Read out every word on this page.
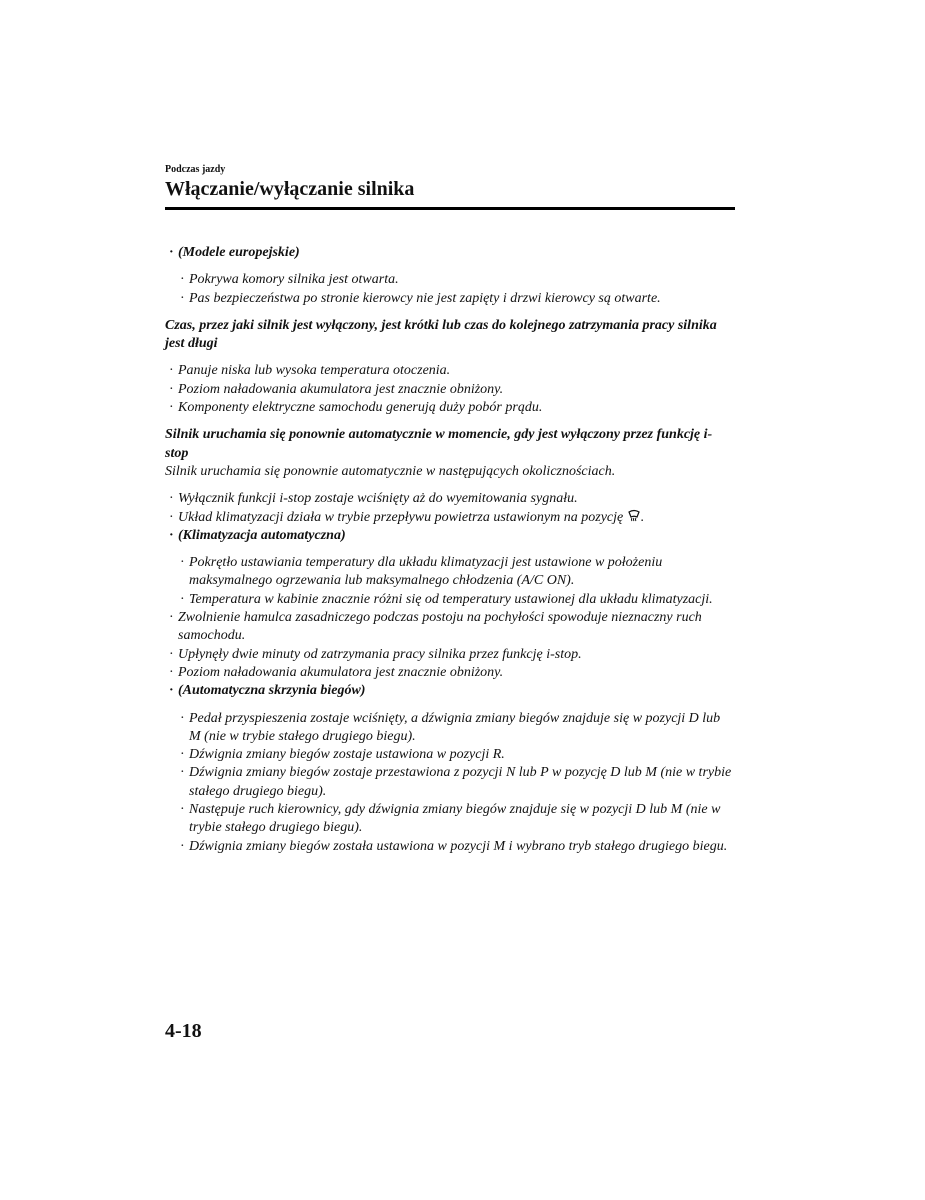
Podczas jazdy
Włączanie/wyłączanie silnika
· (Modele europejskie)
· Pokrywa komory silnika jest otwarta.
· Pas bezpieczeństwa po stronie kierowcy nie jest zapięty i drzwi kierowcy są otwarte.
Czas, przez jaki silnik jest wyłączony, jest krótki lub czas do kolejnego zatrzymania pracy silnika jest długi
· Panuje niska lub wysoka temperatura otoczenia.
· Poziom naładowania akumulatora jest znacznie obniżony.
· Komponenty elektryczne samochodu generują duży pobór prądu.
Silnik uruchamia się ponownie automatycznie w momencie, gdy jest wyłączony przez funkcję i-stop
Silnik uruchamia się ponownie automatycznie w następujących okolicznościach.
· Wyłącznik funkcji i-stop zostaje wciśnięty aż do wyemitowania sygnału.
· Układ klimatyzacji działa w trybie przepływu powietrza ustawionym na pozycję .
· (Klimatyzacja automatyczna)
· Pokrętło ustawiania temperatury dla układu klimatyzacji jest ustawione w położeniu maksymalnego ogrzewania lub maksymalnego chłodzenia (A/C ON).
· Temperatura w kabinie znacznie różni się od temperatury ustawionej dla układu klimatyzacji.
· Zwolnienie hamulca zasadniczego podczas postoju na pochyłości spowoduje nieznaczny ruch samochodu.
· Upłynęły dwie minuty od zatrzymania pracy silnika przez funkcję i-stop.
· Poziom naładowania akumulatora jest znacznie obniżony.
· (Automatyczna skrzynia biegów)
· Pedał przyspieszenia zostaje wciśnięty, a dźwignia zmiany biegów znajduje się w pozycji D lub M (nie w trybie stałego drugiego biegu).
· Dźwignia zmiany biegów zostaje ustawiona w pozycji R.
· Dźwignia zmiany biegów zostaje przestawiona z pozycji N lub P w pozycję D lub M (nie w trybie stałego drugiego biegu).
· Następuje ruch kierownicy, gdy dźwignia zmiany biegów znajduje się w pozycji D lub M (nie w trybie stałego drugiego biegu).
· Dźwignia zmiany biegów została ustawiona w pozycji M i wybrano tryb stałego drugiego biegu.
4-18
